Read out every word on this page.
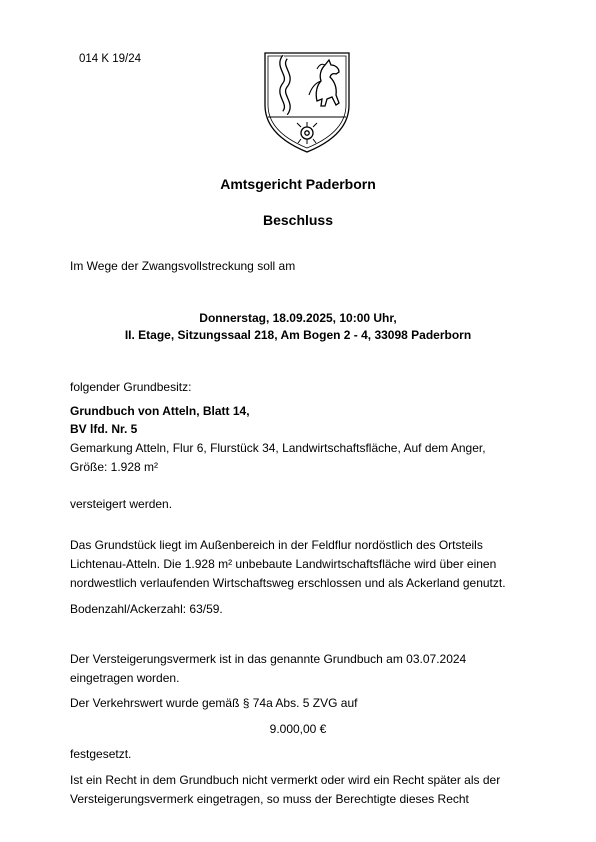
014 K 19/24

Amtsgericht Paderborn

Beschluss

Im Wege der Zwangsvollstreckung soll am

Donnerstag, 18.09.2025, 10:00 Uhr,

II. Etage, Sitzungssaal 218, Am Bogen 2 - 4, 33098 Paderborn

folgender Grundbesitz:

Grundbuch von Atteln, Blatt 14,

BV lfd. Nr. 5

Gemarkung Atteln, Flur 6, Flurstück 34, Landwirtschaftsfläche, Auf dem Anger,

Größe: 1.928 m²

versteigert werden.

Das Grundstück liegt im Außenbereich in der Feldflur nordöstlich des Ortsteils

Lichtenau-Atteln. Die 1.928 m² unbebaute Landwirtschaftsfläche wird über einen

nordwestlich verlaufenden Wirtschaftsweg erschlossen und als Ackerland genutzt.

Bodenzahl/Ackerzahl: 63/59.

Der Versteigerungsvermerk ist in das genannte Grundbuch am 03.07.2024

eingetragen worden.

Der Verkehrswert wurde gemäß § 74a Abs. 5 ZVG auf

9.000,00 €

festgesetzt.

Ist ein Recht in dem Grundbuch nicht vermerkt oder wird ein Recht später als der

Versteigerungsvermerk eingetragen, so muss der Berechtigte dieses Recht
